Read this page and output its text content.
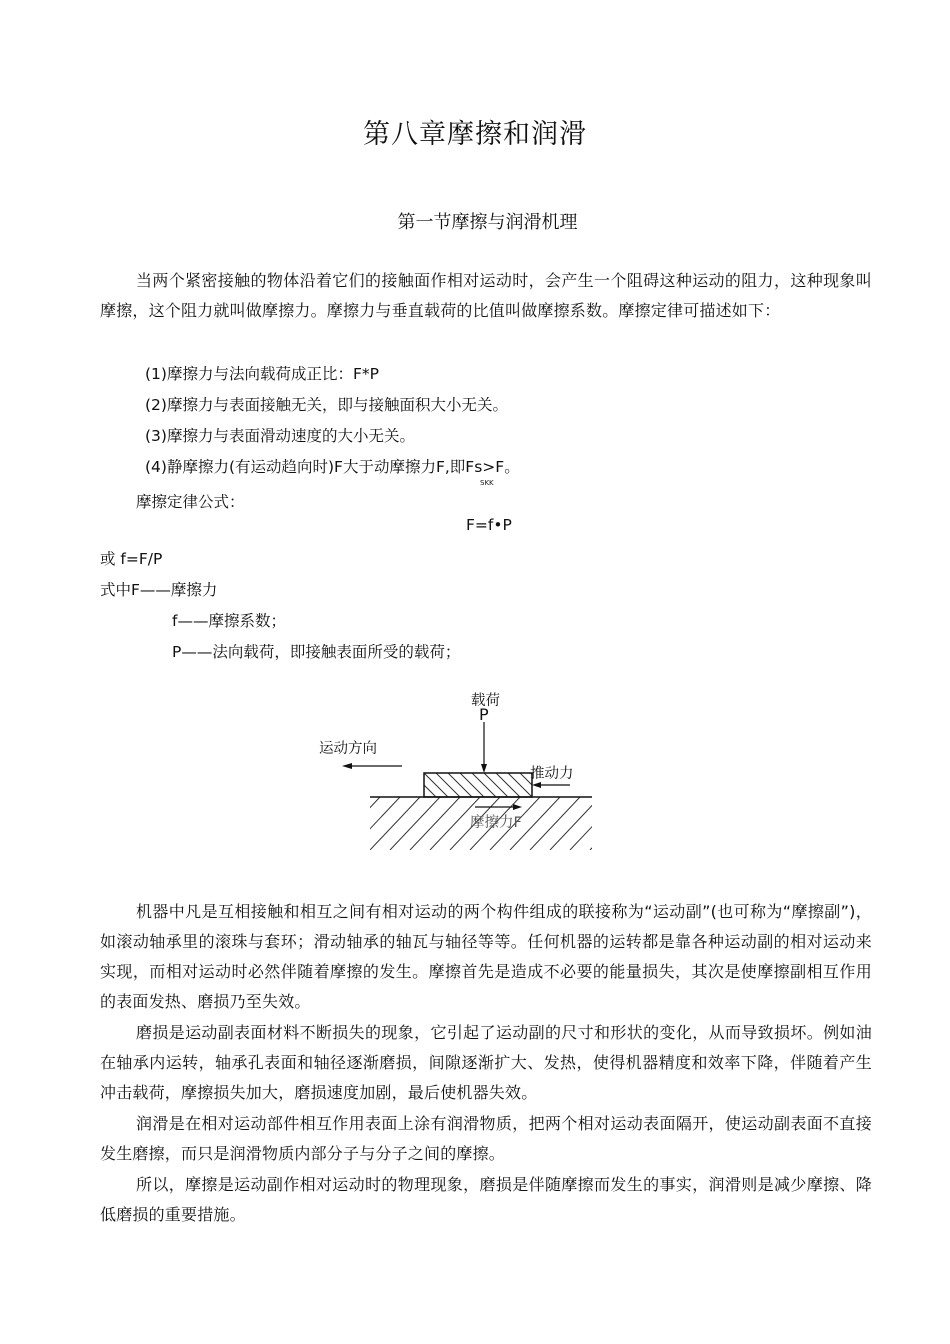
第八章摩擦和润滑
第一节摩擦与润滑机理
当两个紧密接触的物体沿着它们的接触面作相对运动时，会产生一个阻碍这种运动的阻力，这种现象叫摩擦，这个阻力就叫做摩擦力。摩擦力与垂直载荷的比值叫做摩擦系数。摩擦定律可描述如下：
(1)摩擦力与法向载荷成正比：F*P
(2)摩擦力与表面接触无关，即与接触面积大小无关。
(3)摩擦力与表面滑动速度的大小无关。
(4)静摩擦力(有运动趋向时)F大于动摩擦力F,即Fs>F。
SKK
摩擦定律公式：
F=f•P
或 f=F/P
式中F——摩擦力
f——摩擦系数；
P——法向载荷，即接触表面所受的载荷；
载荷
P
运动方向
推动力
摩擦力F
机器中凡是互相接触和相互之间有相对运动的两个构件组成的联接称为“运动副”(也可称为“摩擦副”)，如滚动轴承里的滚珠与套环；滑动轴承的轴瓦与轴径等等。任何机器的运转都是靠各种运动副的相对运动来实现，而相对运动时必然伴随着摩擦的发生。摩擦首先是造成不必要的能量损失，其次是使摩擦副相互作用的表面发热、磨损乃至失效。
磨损是运动副表面材料不断损失的现象，它引起了运动副的尺寸和形状的变化，从而导致损坏。例如油在轴承内运转，轴承孔表面和轴径逐渐磨损，间隙逐渐扩大、发热，使得机器精度和效率下降，伴随着产生冲击载荷，摩擦损失加大，磨损速度加剧，最后使机器失效。
润滑是在相对运动部件相互作用表面上涂有润滑物质，把两个相对运动表面隔开，使运动副表面不直接发生磨擦，而只是润滑物质内部分子与分子之间的摩擦。
所以，摩擦是运动副作相对运动时的物理现象，磨损是伴随摩擦而发生的事实，润滑则是减少摩擦、降低磨损的重要措施。
